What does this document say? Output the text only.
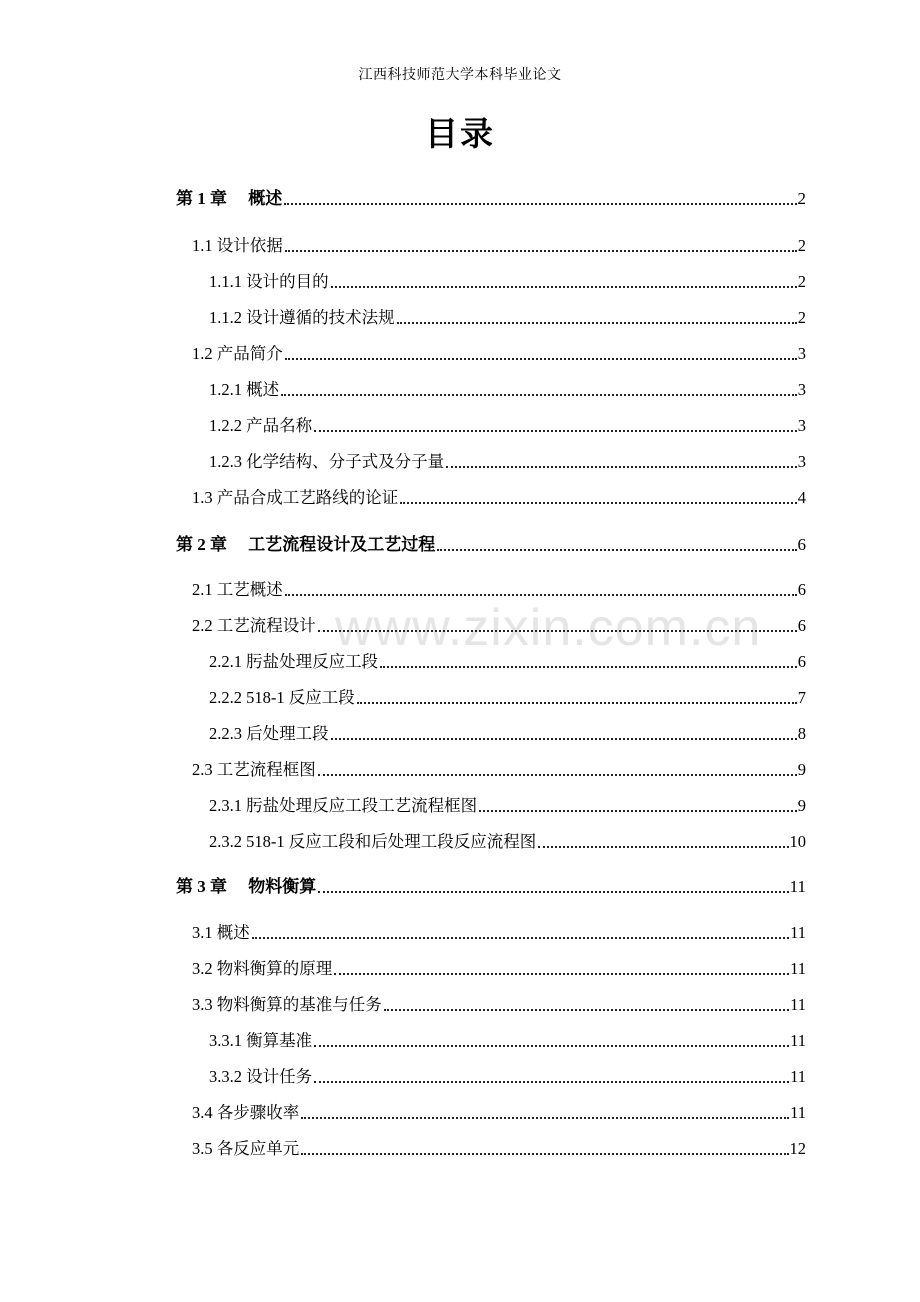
江西科技师范大学本科毕业论文
目录
www.zixin.com.cn
第 1 章　 概述	2
1.1 设计依据	2
1.1.1 设计的目的	2
1.1.2 设计遵循的技术法规	2
1.2 产品简介	3
1.2.1 概述	3
1.2.2 产品名称	3
1.2.3 化学结构、分子式及分子量	3
1.3 产品合成工艺路线的论证	4
第 2 章　 工艺流程设计及工艺过程	6
2.1 工艺概述	6
2.2 工艺流程设计	6
2.2.1 肟盐处理反应工段	6
2.2.2 518-1 反应工段	7
2.2.3 后处理工段	8
2.3 工艺流程框图	9
2.3.1 肟盐处理反应工段工艺流程框图	9
2.3.2 518-1 反应工段和后处理工段反应流程图	10
第 3 章　 物料衡算	11
3.1 概述	11
3.2 物料衡算的原理	11
3.3 物料衡算的基准与任务	11
3.3.1 衡算基准	11
3.3.2 设计任务	11
3.4 各步骤收率	11
3.5 各反应单元	12
